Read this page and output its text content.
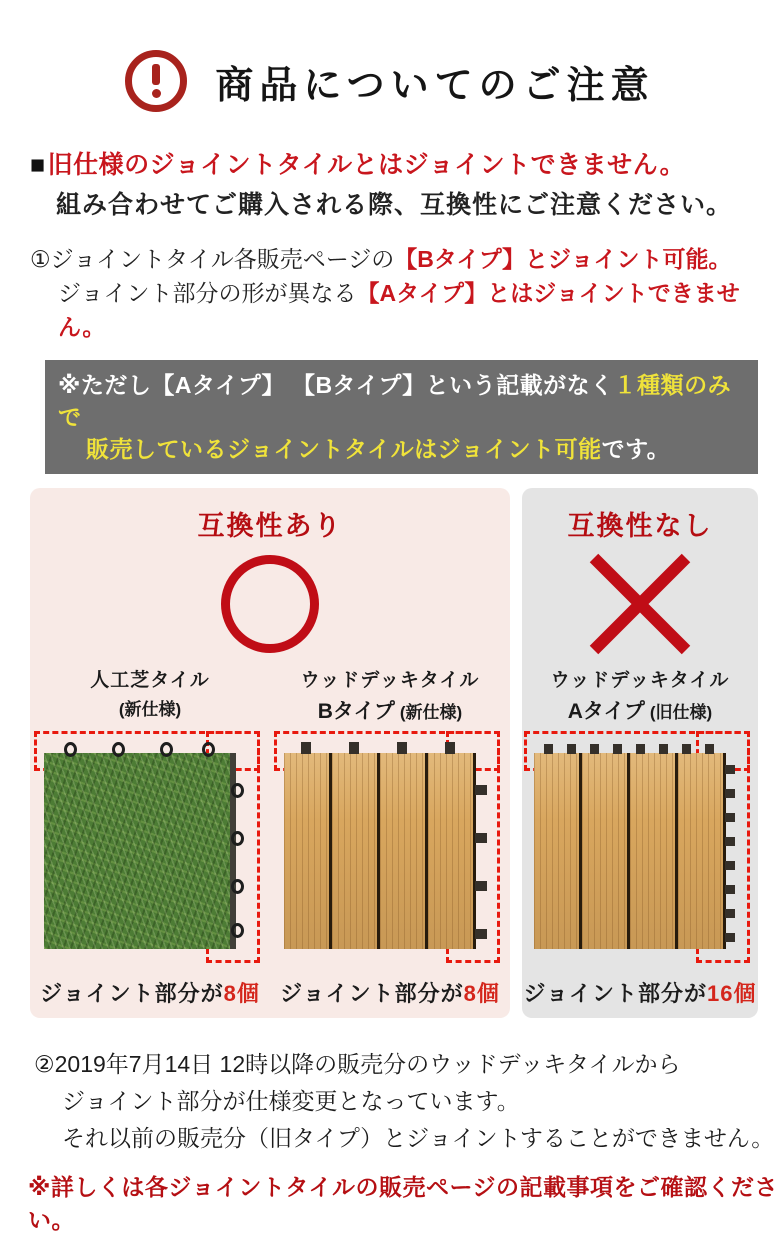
商品についてのご注意
■旧仕様のジョイントタイルとはジョイントできません。
組み合わせてご購入される際、互換性にご注意ください。
①ジョイントタイル各販売ページの【Bタイプ】とジョイント可能。
ジョイント部分の形が異なる【Aタイプ】とはジョイントできません。
※ただし【Aタイプ】 【Bタイプ】という記載がなく１種類のみで
販売しているジョイントタイルはジョイント可能です。
互換性あり
人工芝タイル
(新仕様)
ジョイント部分が8個
ウッドデッキタイル
Bタイプ (新仕様)
ジョイント部分が8個
互換性なし
ウッドデッキタイル
Aタイプ (旧仕様)
ジョイント部分が16個
②2019年7月14日 12時以降の販売分のウッドデッキタイルから
ジョイント部分が仕様変更となっています。
それ以前の販売分（旧タイプ）とジョイントすることができません。
※詳しくは各ジョイントタイルの販売ページの記載事項をご確認ください。
